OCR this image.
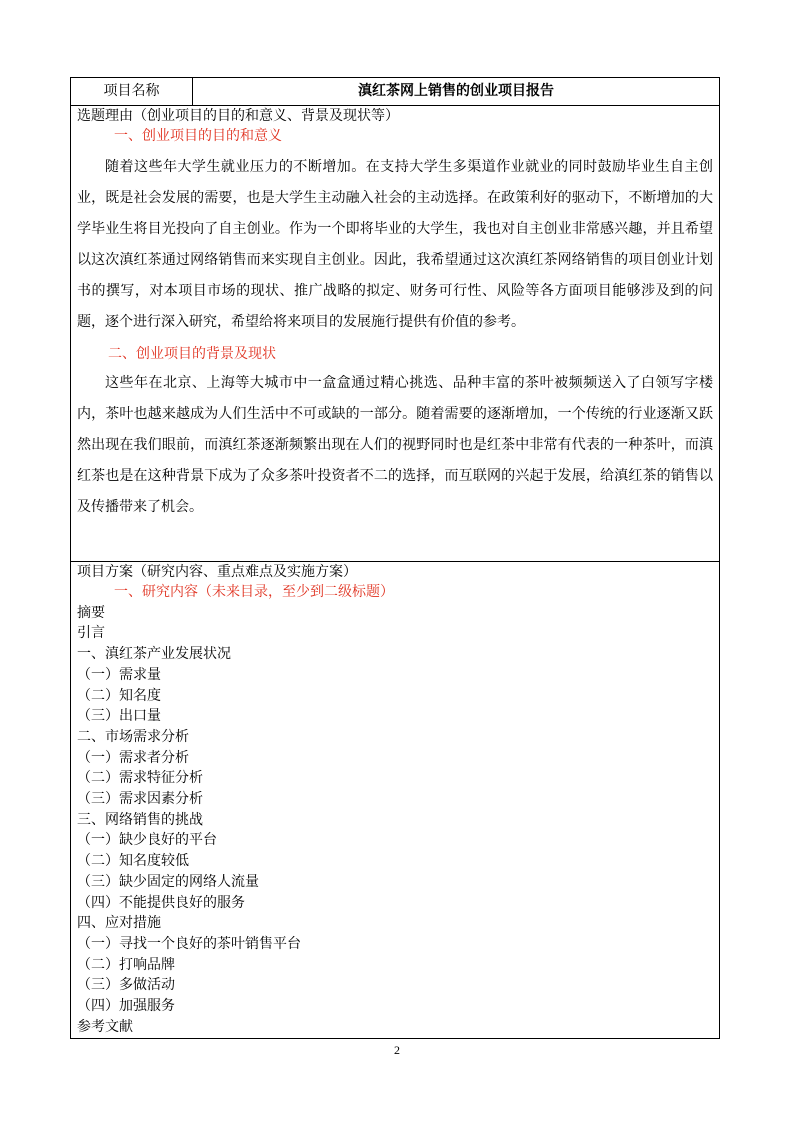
项目名称	滇红茶网上销售的创业项目报告
选题理由（创业项目的目的和意义、背景及现状等）
一、创业项目的目的和意义

随着这些年大学生就业压力的不断增加。在支持大学生多渠道作业就业的同时鼓励毕业生自主创业，既是社会发展的需要，也是大学生主动融入社会的主动选择。在政策利好的驱动下，不断增加的大学毕业生将目光投向了自主创业。作为一个即将毕业的大学生，我也对自主创业非常感兴趣，并且希望以这次滇红茶通过网络销售而来实现自主创业。因此，我希望通过这次滇红茶网络销售的项目创业计划书的撰写，对本项目市场的现状、推广战略的拟定、财务可行性、风险等各方面项目能够涉及到的问题，逐个进行深入研究，希望给将来项目的发展施行提供有价值的参考。

二、创业项目的背景及现状

这些年在北京、上海等大城市中一盒盒通过精心挑选、品种丰富的茶叶被频频送入了白领写字楼内，茶叶也越来越成为人们生活中不可或缺的一部分。随着需要的逐渐增加，一个传统的行业逐渐又跃然出现在我们眼前，而滇红茶逐渐频繁出现在人们的视野同时也是红茶中非常有代表的一种茶叶，而滇红茶也是在这种背景下成为了众多茶叶投资者不二的选择，而互联网的兴起于发展，给滇红茶的销售以及传播带来了机会。

项目方案（研究内容、重点难点及实施方案）
一、研究内容（未来目录，至少到二级标题）
摘要
引言
一、滇红茶产业发展状况
（一）需求量
（二）知名度
（三）出口量
二、市场需求分析
（一）需求者分析
（二）需求特征分析
（三）需求因素分析
三、网络销售的挑战
（一）缺少良好的平台
（二）知名度较低
（三）缺少固定的网络人流量
（四）不能提供良好的服务
四、应对措施
（一）寻找一个良好的茶叶销售平台
（二）打响品牌
（三）多做活动
（四）加强服务
参考文献
2
